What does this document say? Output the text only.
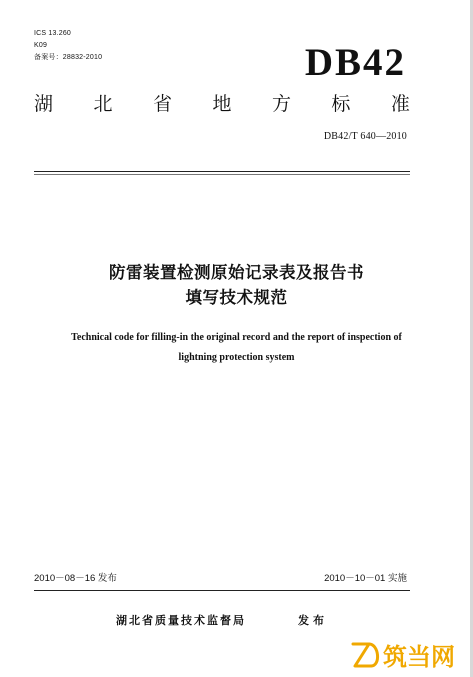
ICS 13.260
K09
备案号：28832-2010	DB42
湖 北 省 地 方 标 准
DB42/T 640—2010
防雷装置检测原始记录表及报告书
填写技术规范
Technical code for filling-in the original record and the report of inspection of
lightning protection system
2010－08－16 发布	2010－10－01 实施
湖北省质量技术监督局	发布
筑当网
